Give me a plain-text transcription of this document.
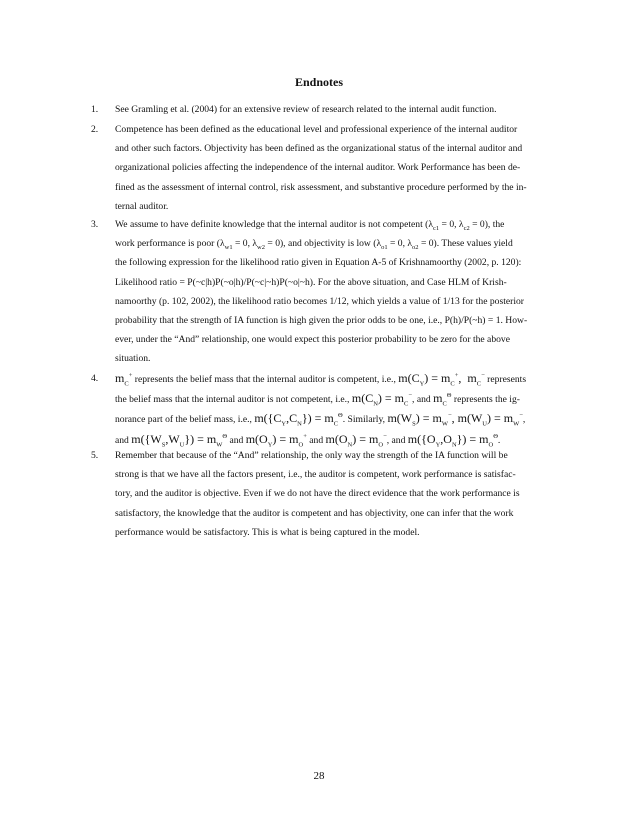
Endnotes
1. See Gramling et al. (2004) for an extensive review of research related to the internal audit function.
2. Competence has been defined as the educational level and professional experience of the internal auditor
and other such factors. Objectivity has been defined as the organizational status of the internal auditor and
organizational policies affecting the independence of the internal auditor. Work Performance has been de-
fined as the assessment of internal control, risk assessment, and substantive procedure performed by the in-
ternal auditor.
3. We assume to have definite knowledge that the internal auditor is not competent ($\lambda_{c1} = 0$, $\lambda_{c2} = 0$), the
work performance is poor ($\lambda_{w1} = 0$, $\lambda_{w2} = 0$), and objectivity is low ($\lambda_{o1} = 0$, $\lambda_{o2} = 0$). These values yield
the following expression for the likelihood ratio given in Equation A-5 of Krishnamoorthy (2002, p. 120):
Likelihood ratio = P(~c|h)P(~o|h)/P(~c|~h)P(~o|~h). For the above situation, and Case HLM of Krish-
namoorthy (p. 102, 2002), the likelihood ratio becomes 1/12, which yields a value of 1/13 for the posterior
probability that the strength of IA function is high given the prior odds to be one, i.e., P(h)/P(~h) = 1. How-
ever, under the “And” relationship, one would expect this posterior probability to be zero for the above
situation.
4. $m_C^+$ represents the belief mass that the internal auditor is competent, i.e., $m(C_Y) = m_C^+$,  $m_C^-$ represents
the belief mass that the internal auditor is not competent, i.e., $m(C_N) = m_C^-$, and $m_C^\Theta$ represents the ig-
norance part of the belief mass, i.e., $m(\{C_Y,C_N\}) = m_C^\Theta$. Similarly, $m(W_S) = m_W^-$, $m(W_U) = m_W^-$,
and $m(\{W_S,W_U\}) = m_W^\Theta$ and $m(O_Y) = m_O^+$ and $m(O_N) = m_O^-$, and $m(\{O_Y,O_N\}) = m_O^\Theta$.
5. Remember that because of the “And” relationship, the only way the strength of the IA function will be
strong is that we have all the factors present, i.e., the auditor is competent, work performance is satisfac-
tory, and the auditor is objective. Even if we do not have the direct evidence that the work performance is
satisfactory, the knowledge that the auditor is competent and has objectivity, one can infer that the work
performance would be satisfactory. This is what is being captured in the model.
28
